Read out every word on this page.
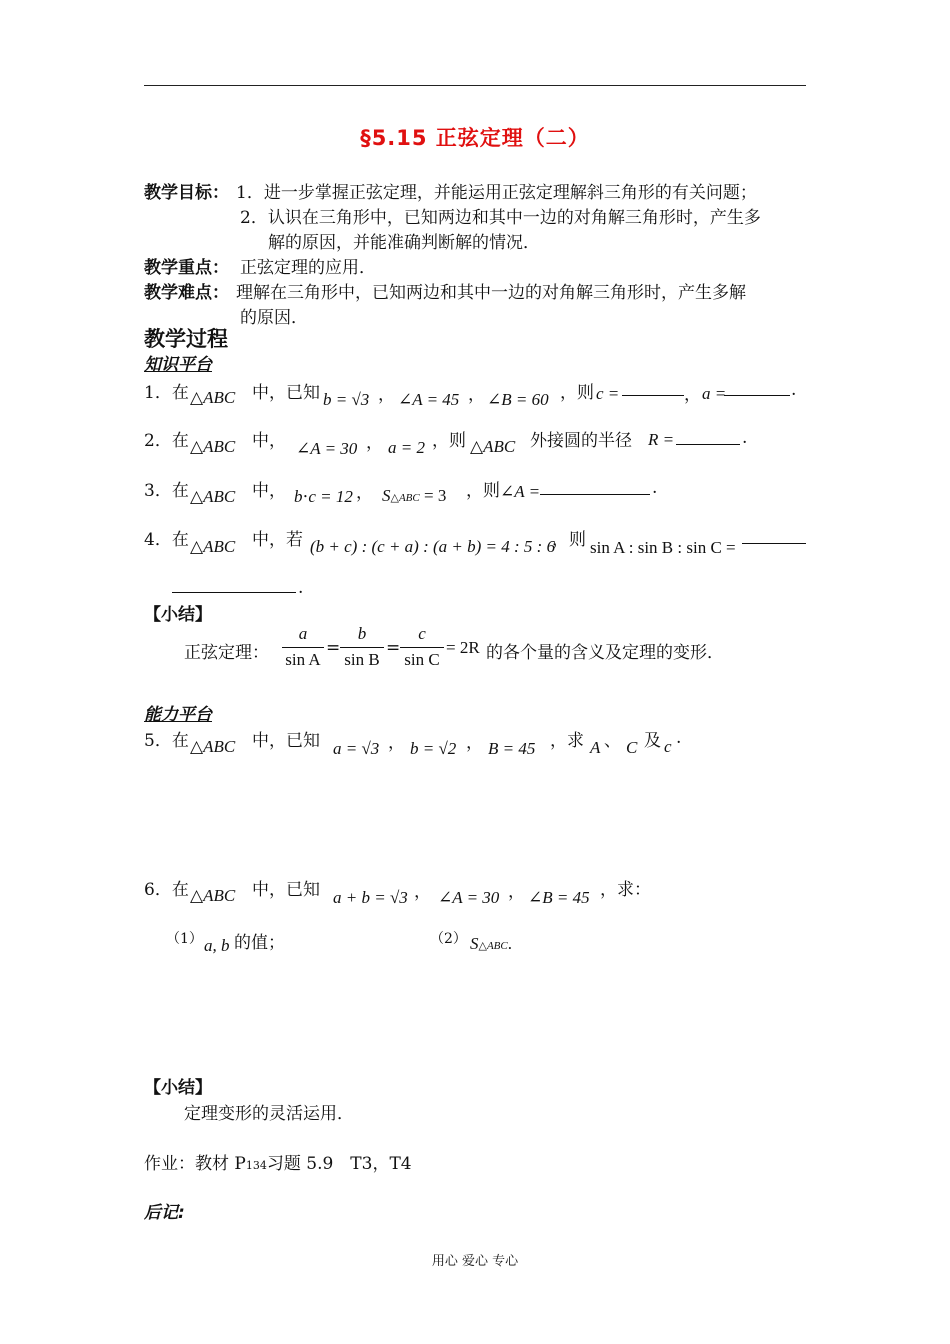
§5.15 正弦定理（二）
教学目标： 1．进一步掌握正弦定理，并能运用正弦定理解斜三角形的有关问题；
2．认识在三角形中，已知两边和其中一边的对角解三角形时，产生多
解的原因，并能准确判断解的情况．
教学重点： 正弦定理的应用．
教学难点： 理解在三角形中，已知两边和其中一边的对角解三角形时，产生多解
的原因．
教学过程
知识平台
1．在 △ABC 中，已知 b = √3 ， ∠A = 45 ， ∠B = 60 ，则 c =	， a =	.
2．在 △ABC 中， ∠A = 30 ， a = 2 ，则 △ABC 外接圆的半径 R =	.
3．在 △ABC 中， b⋅c = 12 ， S△ABC = 3 ，则 ∠A =	.
4．在 △ABC 中，若 (b + c) : (c + a) : (a + b) = 4 : 5 : 6
，则 sin A : sin B : sin C =
.
【小结】
正弦定理： $\frac{a}{\text{sin A}} = \frac{b}{\text{sin B}} = \frac{c}{\text{sin C}} = 2R$ 的各个量的含义及定理的变形．
能力平台
5．在 △ABC 中，已知 a = √3 ， b = √2 ， B = 45 ，求 A 、 C 及 c .
6．在 △ABC 中，已知 a + b = √3 ， ∠A = 30 ， ∠B = 45 ，求：
（1） a, b 的值；	（2） S△ABC.
【小结】
定理变形的灵活运用．
作业：教材 P134习题 5.9　T3，T4
后记:
用心 爱心 专心
